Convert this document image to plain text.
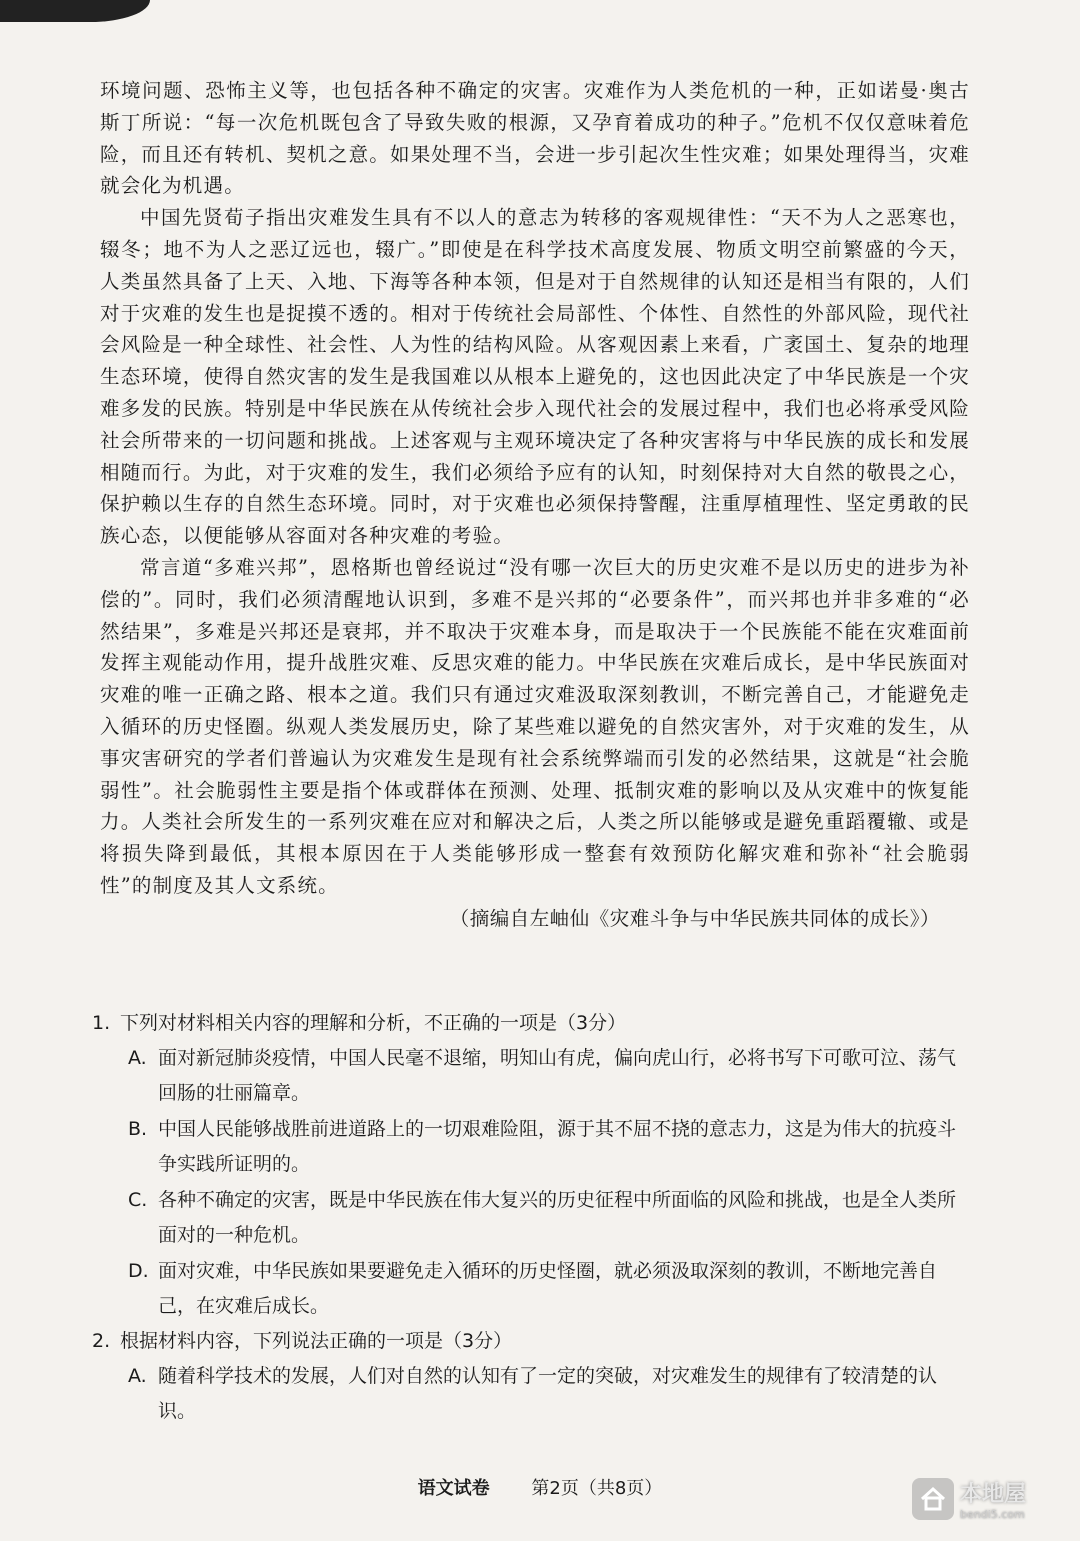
环境问题、恐怖主义等，也包括各种不确定的灾害。灾难作为人类危机的一种，正如诺曼·奥古斯丁所说：“每一次危机既包含了导致失败的根源，又孕育着成功的种子。”危机不仅仅意味着危险，而且还有转机、契机之意。如果处理不当，会进一步引起次生性灾难；如果处理得当，灾难就会化为机遇。

中国先贤荀子指出灾难发生具有不以人的意志为转移的客观规律性：“天不为人之恶寒也，辍冬；地不为人之恶辽远也，辍广。”即使是在科学技术高度发展、物质文明空前繁盛的今天，人类虽然具备了上天、入地、下海等各种本领，但是对于自然规律的认知还是相当有限的，人们对于灾难的发生也是捉摸不透的。相对于传统社会局部性、个体性、自然性的外部风险，现代社会风险是一种全球性、社会性、人为性的结构风险。从客观因素上来看，广袤国土、复杂的地理生态环境，使得自然灾害的发生是我国难以从根本上避免的，这也因此决定了中华民族是一个灾难多发的民族。特别是中华民族在从传统社会步入现代社会的发展过程中，我们也必将承受风险社会所带来的一切问题和挑战。上述客观与主观环境决定了各种灾害将与中华民族的成长和发展相随而行。为此，对于灾难的发生，我们必须给予应有的认知，时刻保持对大自然的敬畏之心，保护赖以生存的自然生态环境。同时，对于灾难也必须保持警醒，注重厚植理性、坚定勇敢的民族心态，以便能够从容面对各种灾难的考验。

常言道“多难兴邦”，恩格斯也曾经说过“没有哪一次巨大的历史灾难不是以历史的进步为补偿的”。同时，我们必须清醒地认识到，多难不是兴邦的“必要条件”，而兴邦也并非多难的“必然结果”，多难是兴邦还是衰邦，并不取决于灾难本身，而是取决于一个民族能不能在灾难面前发挥主观能动作用，提升战胜灾难、反思灾难的能力。中华民族在灾难后成长，是中华民族面对灾难的唯一正确之路、根本之道。我们只有通过灾难汲取深刻教训，不断完善自己，才能避免走入循环的历史怪圈。纵观人类发展历史，除了某些难以避免的自然灾害外，对于灾难的发生，从事灾害研究的学者们普遍认为灾难发生是现有社会系统弊端而引发的必然结果，这就是“社会脆弱性”。社会脆弱性主要是指个体或群体在预测、处理、抵制灾难的影响以及从灾难中的恢复能力。人类社会所发生的一系列灾难在应对和解决之后，人类之所以能够或是避免重蹈覆辙、或是将损失降到最低，其根本原因在于人类能够形成一整套有效预防化解灾难和弥补“社会脆弱性”的制度及其人文系统。

（摘编自左岫仙《灾难斗争与中华民族共同体的成长》）

1. 下列对材料相关内容的理解和分析，不正确的一项是（3分）

A. 面对新冠肺炎疫情，中国人民毫不退缩，明知山有虎，偏向虎山行，必将书写下可歌可泣、荡气回肠的壮丽篇章。
B. 中国人民能够战胜前进道路上的一切艰难险阻，源于其不屈不挠的意志力，这是为伟大的抗疫斗争实践所证明的。
C. 各种不确定的灾害，既是中华民族在伟大复兴的历史征程中所面临的风险和挑战，也是全人类所面对的一种危机。
D. 面对灾难，中华民族如果要避免走入循环的历史怪圈，就必须汲取深刻的教训，不断地完善自己，在灾难后成长。

2. 根据材料内容，下列说法正确的一项是（3分）

A. 随着科学技术的发展，人们对自然的认知有了一定的突破，对灾难发生的规律有了较清楚的认识。
语文试卷 第2页（共8页）	本地屋
bendi5.com
